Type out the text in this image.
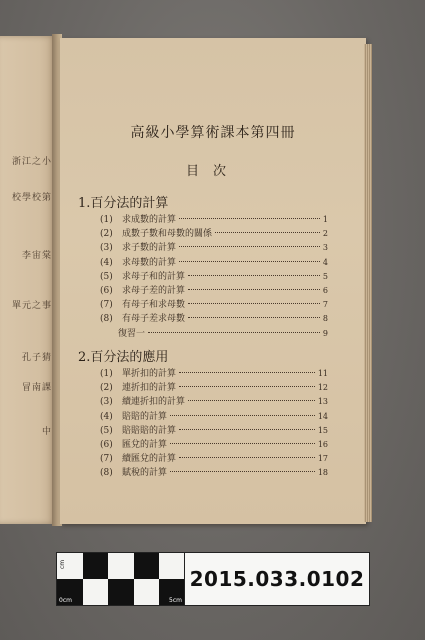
浙江之小
校學校第
李宙棠
單元之事
孔子猜
冒南課
中
高級小學算術課本第四冊
目次
1.百分法的計算
(1)	求成數的計算	1
(2)	成數子數和母數的關係	2
(3)	求子數的計算	3
(4)	求母數的計算	4
(5)	求母子和的計算	5
(6)	求母子差的計算	6
(7)	有母子和求母數	7
(8)	有母子差求母數	8
復習一	9
2.百分法的應用
(1)	單折扣的計算	11
(2)	連折扣的計算	12
(3)	續連折扣的計算	13
(4)	賠賠的計算	14
(5)	賠賠賠的計算	15
(6)	匯兌的計算	16
(7)	續匯兌的計算	17
(8)	賦稅的計算	18
cm
0cm	5cm
2015.033.0102
